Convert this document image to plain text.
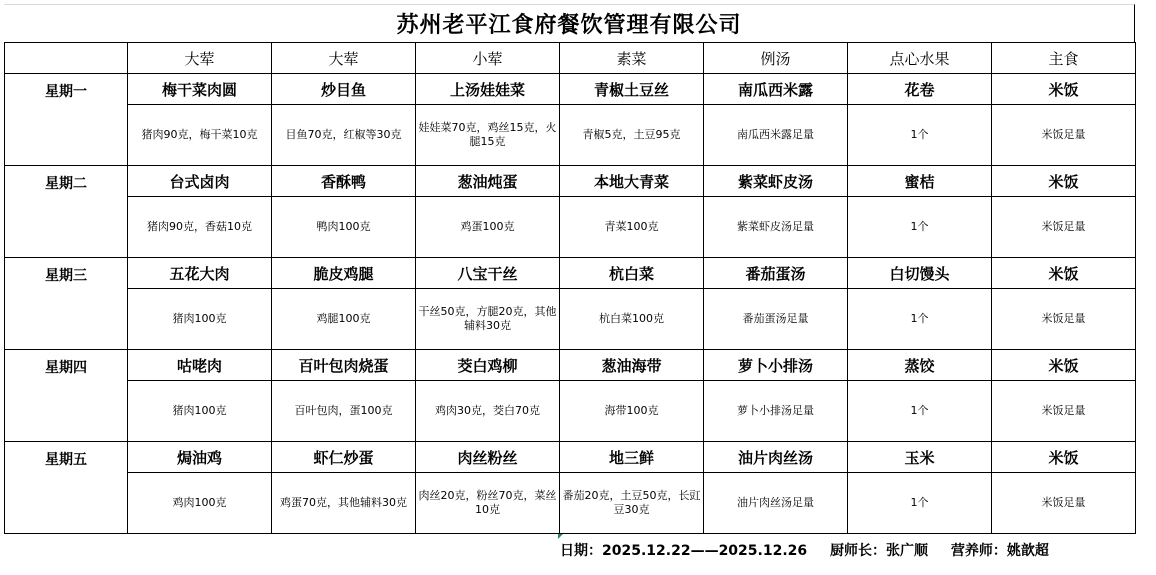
苏州老平江食府餐饮管理有限公司
	大荤	大荤	小荤	素菜	例汤	点心水果	主食
星期一	梅干菜肉圆	炒目鱼	上汤娃娃菜	青椒土豆丝	南瓜西米露	花卷	米饭
	猪肉90克，梅干菜10克	目鱼70克，红椒等30克	娃娃菜70克，鸡丝15克，火腿15克	青椒5克，土豆95克	南瓜西米露足量	1个	米饭足量
星期二	台式卤肉	香酥鸭	葱油炖蛋	本地大青菜	紫菜虾皮汤	蜜桔	米饭
	猪肉90克，香菇10克	鸭肉100克	鸡蛋100克	青菜100克	紫菜虾皮汤足量	1个	米饭足量
星期三	五花大肉	脆皮鸡腿	八宝干丝	杭白菜	番茄蛋汤	白切馒头	米饭
	猪肉100克	鸡腿100克	干丝50克，方腿20克，其他辅料30克	杭白菜100克	番茄蛋汤足量	1个	米饭足量
星期四	咕咾肉	百叶包肉烧蛋	茭白鸡柳	葱油海带	萝卜小排汤	蒸饺	米饭
	猪肉100克	百叶包肉，蛋100克	鸡肉30克，茭白70克	海带100克	萝卜小排汤足量	1个	米饭足量
星期五	焗油鸡	虾仁炒蛋	肉丝粉丝	地三鲜	油片肉丝汤	玉米	米饭
	鸡肉100克	鸡蛋70克，其他辅料30克	肉丝20克，粉丝70克，菜丝10克	番茄20克，土豆50克，长豇豆30克	油片肉丝汤足量	1个	米饭足量
日期：2025.12.22——2025.12.26 厨师长：张广顺 营养师：姚歆超
